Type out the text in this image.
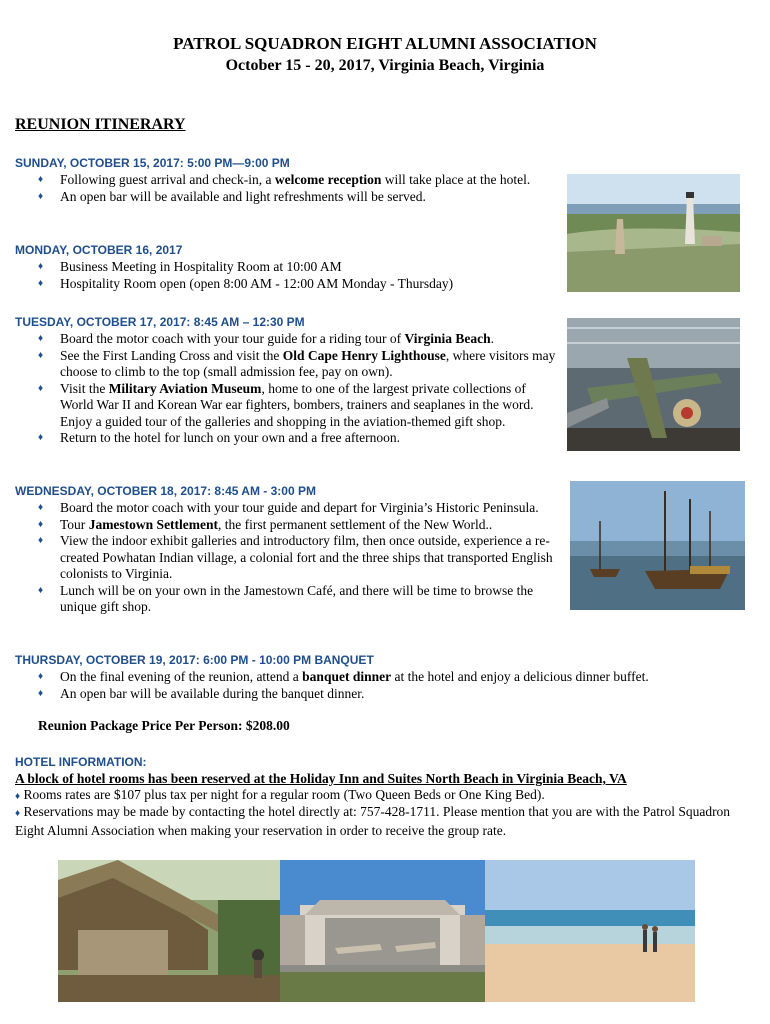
PATROL SQUADRON EIGHT ALUMNI ASSOCIATION
October 15 - 20, 2017, Virginia Beach, Virginia
REUNION ITINERARY
SUNDAY, OCTOBER 15, 2017: 5:00 PM—9:00 PM
♦ Following guest arrival and check-in, a welcome reception will take place at the hotel.
♦ An open bar will be available and light refreshments will be served.
MONDAY, OCTOBER 16, 2017
♦ Business Meeting in Hospitality Room at 10:00 AM
♦ Hospitality Room open (open 8:00 AM - 12:00 AM Monday - Thursday)
TUESDAY, OCTOBER 17, 2017: 8:45 AM – 12:30 PM
♦ Board the motor coach with your tour guide for a riding tour of Virginia Beach.
♦ See the First Landing Cross and visit the Old Cape Henry Lighthouse, where visitors may choose to climb to the top (small admission fee, pay on own).
♦ Visit the Military Aviation Museum, home to one of the largest private collections of World War II and Korean War ear fighters, bombers, trainers and seaplanes in the word. Enjoy a guided tour of the galleries and shopping in the aviation-themed gift shop.
♦ Return to the hotel for lunch on your own and a free afternoon.
WEDNESDAY, OCTOBER 18, 2017: 8:45 AM - 3:00 PM
♦ Board the motor coach with your tour guide and depart for Virginia’s Historic Peninsula.
♦ Tour Jamestown Settlement, the first permanent settlement of the New World..
♦ View the indoor exhibit galleries and introductory film, then once outside, experience a re-created Powhatan Indian village, a colonial fort and the three ships that transported English colonists to Virginia.
♦ Lunch will be on your own in the Jamestown Café, and there will be time to browse the unique gift shop.
THURSDAY, OCTOBER 19, 2017: 6:00 PM - 10:00 PM BANQUET
♦ On the final evening of the reunion, attend a banquet dinner at the hotel and enjoy a delicious dinner buffet.
♦ An open bar will be available during the banquet dinner.
Reunion Package Price Per Person: $208.00
HOTEL INFORMATION:
A block of hotel rooms has been reserved at the Holiday Inn and Suites North Beach in Virginia Beach, VA
♦ Rooms rates are $107 plus tax per night for a regular room (Two Queen Beds or One King Bed).
♦ Reservations may be made by contacting the hotel directly at: 757-428-1711. Please mention that you are with the Patrol Squadron Eight Alumni Association when making your reservation in order to receive the group rate.
